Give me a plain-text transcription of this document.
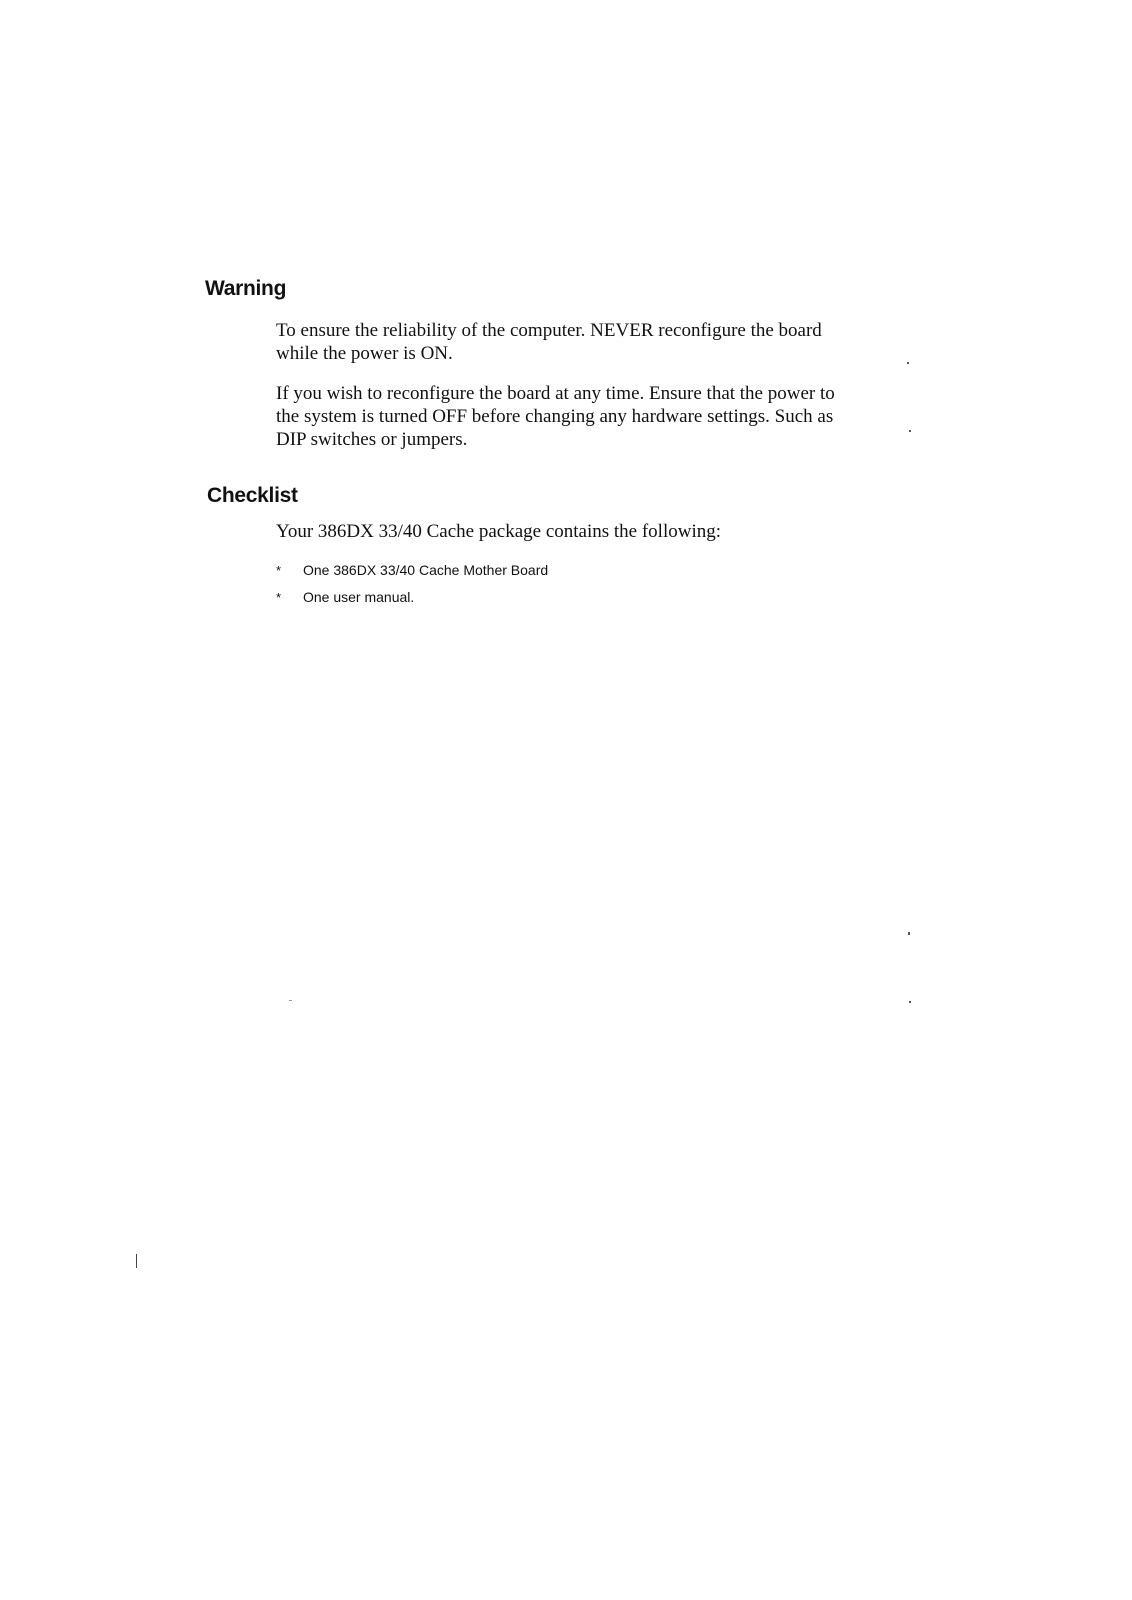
Warning

To ensure the reliability of the computer. NEVER reconfigure the board while the power is ON.

If you wish to reconfigure the board at any time. Ensure that the power to the system is turned OFF before changing any hardware settings. Such as DIP switches or jumpers.

Checklist

Your 386DX 33/40 Cache package contains the following:

*	One 386DX 33/40 Cache Mother Board
*	One user manual.
